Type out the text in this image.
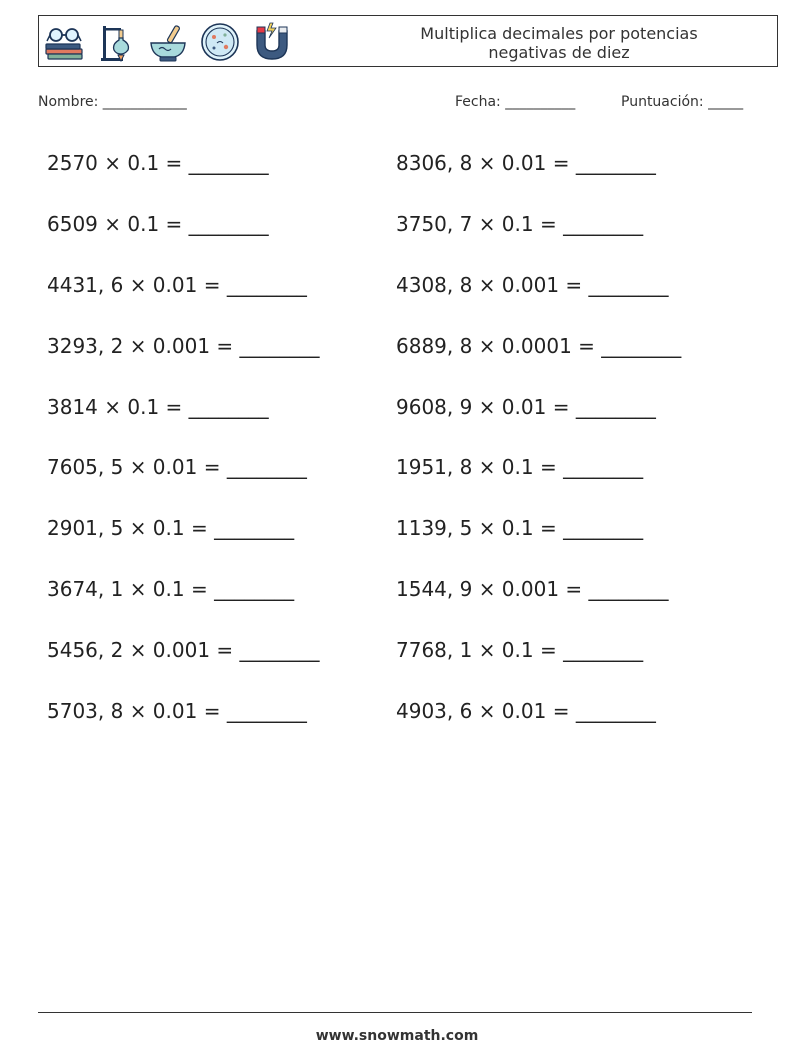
Multiplica decimales por potencias
negativas de diez
Nombre: ____________	Fecha: __________	Puntuación: _____
2570 × 0.1 = ________
6509 × 0.1 = ________
4431, 6 × 0.01 = ________
3293, 2 × 0.001 = ________
3814 × 0.1 = ________
7605, 5 × 0.01 = ________
2901, 5 × 0.1 = ________
3674, 1 × 0.1 = ________
5456, 2 × 0.001 = ________
5703, 8 × 0.01 = ________
8306, 8 × 0.01 = ________
3750, 7 × 0.1 = ________
4308, 8 × 0.001 = ________
6889, 8 × 0.0001 = ________
9608, 9 × 0.01 = ________
1951, 8 × 0.1 = ________
1139, 5 × 0.1 = ________
1544, 9 × 0.001 = ________
7768, 1 × 0.1 = ________
4903, 6 × 0.01 = ________
www.snowmath.com
